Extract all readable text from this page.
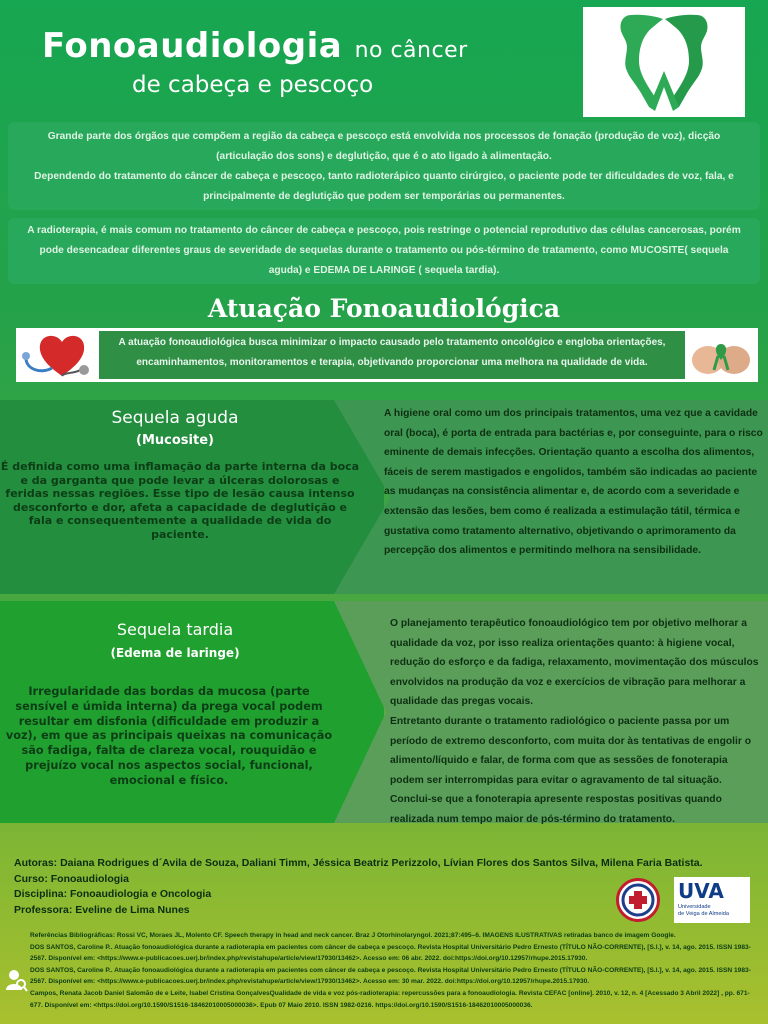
Fonoaudiologia no câncer
de cabeça e pescoço
Grande parte dos órgãos que compõem a região da cabeça e pescoço está envolvida nos processos de fonação (produção de voz), dicção (articulação dos sons) e deglutição, que é o ato ligado à alimentação.
Dependendo do tratamento do câncer de cabeça e pescoço, tanto radioterápico quanto cirúrgico, o paciente pode ter dificuldades de voz, fala, e principalmente de deglutição que podem ser temporárias ou permanentes.
A radioterapia, é mais comum no tratamento do câncer de cabeça e pescoço, pois restringe o potencial reprodutivo das células cancerosas, porém pode desencadear diferentes graus de severidade de sequelas durante o tratamento ou pós-término de tratamento, como MUCOSITE( sequela aguda) e EDEMA DE LARINGE ( sequela tardia).
Atuação Fonoaudiológica
A atuação fonoaudiológica busca minimizar o impacto causado pelo tratamento oncológico e engloba orientações, encaminhamentos, monitoramentos e terapia, objetivando proporcionar uma melhora na qualidade de vida.
Sequela aguda
(Mucosite)
É definida como uma inflamação da parte interna da boca e da garganta que pode levar a úlceras dolorosas e feridas nessas regiões. Esse tipo de lesão causa intenso desconforto e dor, afeta a capacidade de deglutição e fala e consequentemente a qualidade de vida do paciente.
A higiene oral como um dos principais tratamentos, uma vez que a cavidade oral (boca), é porta de entrada para bactérias e, por conseguinte, para o risco eminente de demais infecções. Orientação quanto a escolha dos alimentos, fáceis de serem mastigados e engolidos, também são indicadas ao paciente as mudanças na consistência alimentar e, de acordo com a severidade e extensão das lesões, bem como é realizada a estimulação tátil, térmica e gustativa como tratamento alternativo, objetivando o aprimoramento da percepção dos alimentos e permitindo melhora na sensibilidade.
Sequela tardia
(Edema de laringe)
Irregularidade das bordas da mucosa (parte sensível e úmida interna) da prega vocal podem resultar em disfonia (dificuldade em produzir a voz), em que as principais queixas na comunicação são fadiga, falta de clareza vocal, rouquidão e prejuízo vocal nos aspectos social, funcional, emocional e físico.
O planejamento terapêutico fonoaudiológico tem por objetivo melhorar a qualidade da voz, por isso realiza orientações quanto: à higiene vocal, redução do esforço e da fadiga, relaxamento, movimentação dos músculos envolvidos na produção da voz e exercícios de vibração para melhorar a qualidade das pregas vocais.
Entretanto durante o tratamento radiológico o paciente passa por um período de extremo desconforto, com muita dor às tentativas de engolir o alimento/líquido e falar, de forma com que as sessões de fonoterapia podem ser interrompidas para evitar o agravamento de tal situação.
Conclui-se que a fonoterapia apresente respostas positivas quando realizada num tempo maior de pós-término do tratamento.
Autoras: Daiana Rodrigues d´Avila de Souza, Daliani Timm, Jéssica Beatriz Perizzolo, Lívian Flores dos Santos Silva, Milena Faria Batista.
Curso: Fonoaudiologia
Disciplina: Fonoaudiologia e Oncologia
Professora: Eveline de Lima Nunes
UVA
Universidade
de Veiga de Almeida
Referências Bibliográficas: Rossi VC, Moraes JL, Molento CF. Speech therapy in head and neck cancer. Braz J Otorhinolaryngol. 2021;87:495–6. IMAGENS ILUSTRATIVAS retiradas banco de imagem Google.
DOS SANTOS, Caroline P.. Atuação fonoaudiológica durante a radioterapia em pacientes com câncer de cabeça e pescoço. Revista Hospital Universitário Pedro Ernesto (TÍTULO NÃO-CORRENTE), [S.l.], v. 14, ago. 2015. ISSN 1983-2567. Disponível em: <https://www.e-publicacoes.uerj.br/index.php/revistahupe/article/view/17930/13462>. Acesso em: 06 abr. 2022. doi:https://doi.org/10.12957/rhupe.2015.17930.
DOS SANTOS, Caroline P.. Atuação fonoaudiológica durante a radioterapia em pacientes com câncer de cabeça e pescoço. Revista Hospital Universitário Pedro Ernesto (TÍTULO NÃO-CORRENTE), [S.l.], v. 14, ago. 2015. ISSN 1983-2567. Disponível em: <https://www.e-publicacoes.uerj.br/index.php/revistahupe/article/view/17930/13462>. Acesso em: 30 mar. 2022. doi:https://doi.org/10.12957/rhupe.2015.17930.
Campos, Renata Jacob Daniel Salomão de e Leite, Isabel Cristina GonçalvesQualidade de vida e voz pós-radioterapia: repercussões para a fonoaudiologia. Revista CEFAC [online]. 2010, v. 12, n. 4 [Acessado 3 Abril 2022] , pp. 671-677. Disponível em: <https://doi.org/10.1590/S1516-18462010005000036>. Epub 07 Maio 2010. ISSN 1982-0216. https://doi.org/10.1590/S1516-18462010005000036.
